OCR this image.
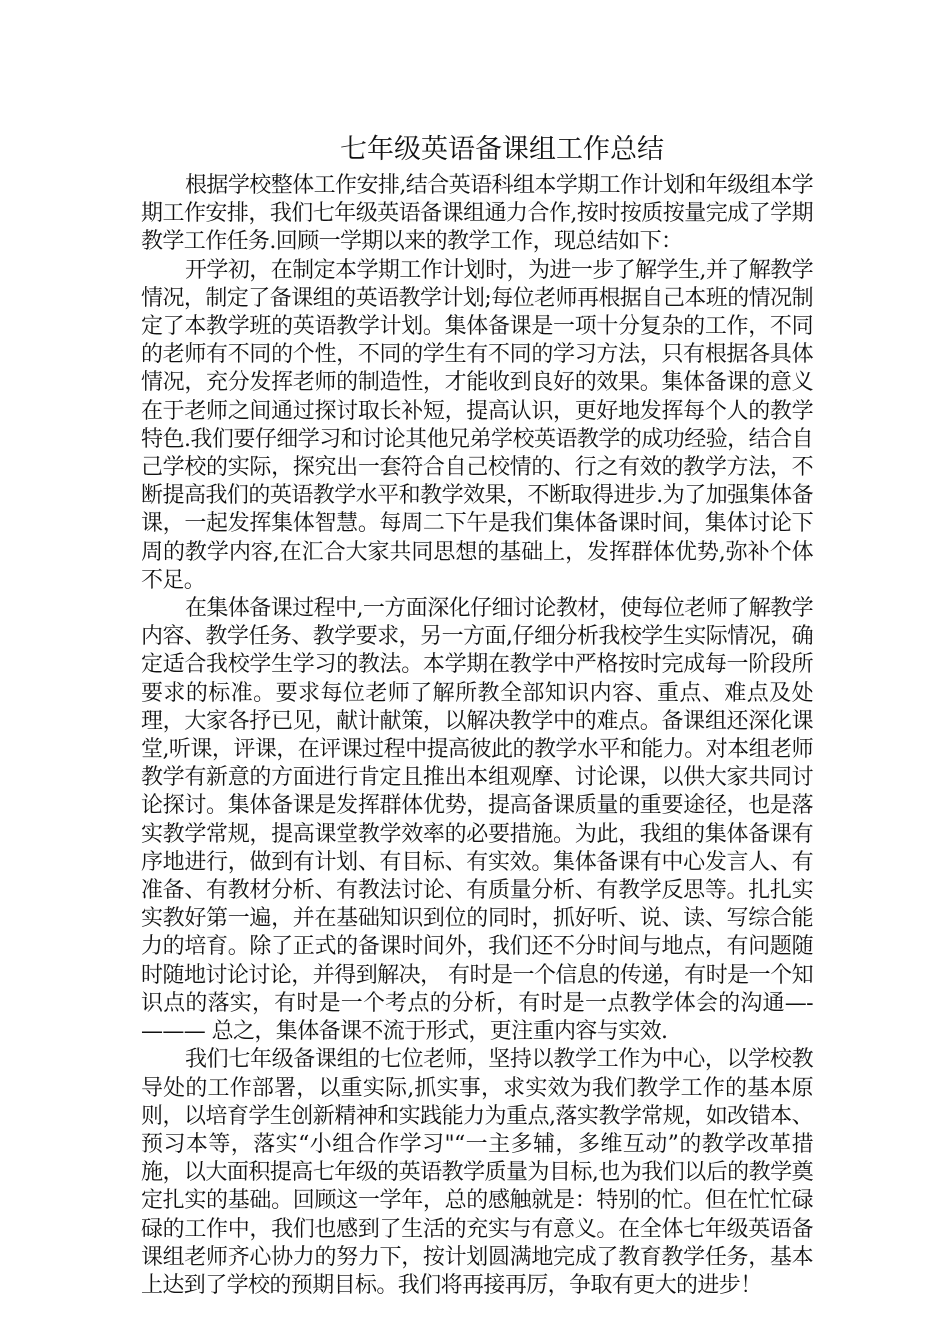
七年级英语备课组工作总结

根据学校整体工作安排,结合英语科组本学期工作计划和年级组本学期工作安排，我们七年级英语备课组通力合作,按时按质按量完成了学期教学工作任务.回顾一学期以来的教学工作，现总结如下：

开学初，在制定本学期工作计划时，为进一步了解学生,并了解教学情况，制定了备课组的英语教学计划;每位老师再根据自己本班的情况制定了本教学班的英语教学计划。集体备课是一项十分复杂的工作，不同的老师有不同的个性，不同的学生有不同的学习方法，只有根据各具体情况，充分发挥老师的制造性，才能收到良好的效果。集体备课的意义在于老师之间通过探讨取长补短，提高认识，更好地发挥每个人的教学特色.我们要仔细学习和讨论其他兄弟学校英语教学的成功经验，结合自己学校的实际，探究出一套符合自己校情的、行之有效的教学方法，不断提高我们的英语教学水平和教学效果，不断取得进步.为了加强集体备课，一起发挥集体智慧。每周二下午是我们集体备课时间，集体讨论下周的教学内容,在汇合大家共同思想的基础上，发挥群体优势,弥补个体不足。

在集体备课过程中,一方面深化仔细讨论教材，使每位老师了解教学内容、教学任务、教学要求，另一方面,仔细分析我校学生实际情况，确定适合我校学生学习的教法。本学期在教学中严格按时完成每一阶段所要求的标准。要求每位老师了解所教全部知识内容、重点、难点及处理，大家各抒已见，献计献策，以解决教学中的难点。备课组还深化课堂,听课，评课，在评课过程中提高彼此的教学水平和能力。对本组老师教学有新意的方面进行肯定且推出本组观摩、讨论课，以供大家共同讨论探讨。集体备课是发挥群体优势，提高备课质量的重要途径，也是落实教学常规，提高课堂教学效率的必要措施。为此，我组的集体备课有序地进行，做到有计划、有目标、有实效。集体备课有中心发言人、有准备、有教材分析、有教法讨论、有质量分析、有教学反思等。扎扎实实教好第一遍，并在基础知识到位的同时，抓好听、说、读、写综合能力的培育。除了正式的备课时间外，我们还不分时间与地点，有问题随时随地讨论讨论，并得到解决， 有时是一个信息的传递，有时是一个知识点的落实，有时是一个考点的分析，有时是一点教学体会的沟通—-——— 总之，集体备课不流于形式，更注重内容与实效.

我们七年级备课组的七位老师，坚持以教学工作为中心，以学校教导处的工作部署，以重实际,抓实事，求实效为我们教学工作的基本原则，以培育学生创新精神和实践能力为重点,落实教学常规，如改错本、预习本等，落实“小组合作学习"“一主多辅，多维互动”的教学改革措施，以大面积提高七年级的英语教学质量为目标,也为我们以后的教学奠定扎实的基础。回顾这一学年，总的感触就是：特别的忙。但在忙忙碌碌的工作中，我们也感到了生活的充实与有意义。在全体七年级英语备课组老师齐心协力的努力下，按计划圆满地完成了教育教学任务，基本上达到了学校的预期目标。我们将再接再厉，争取有更大的进步！
